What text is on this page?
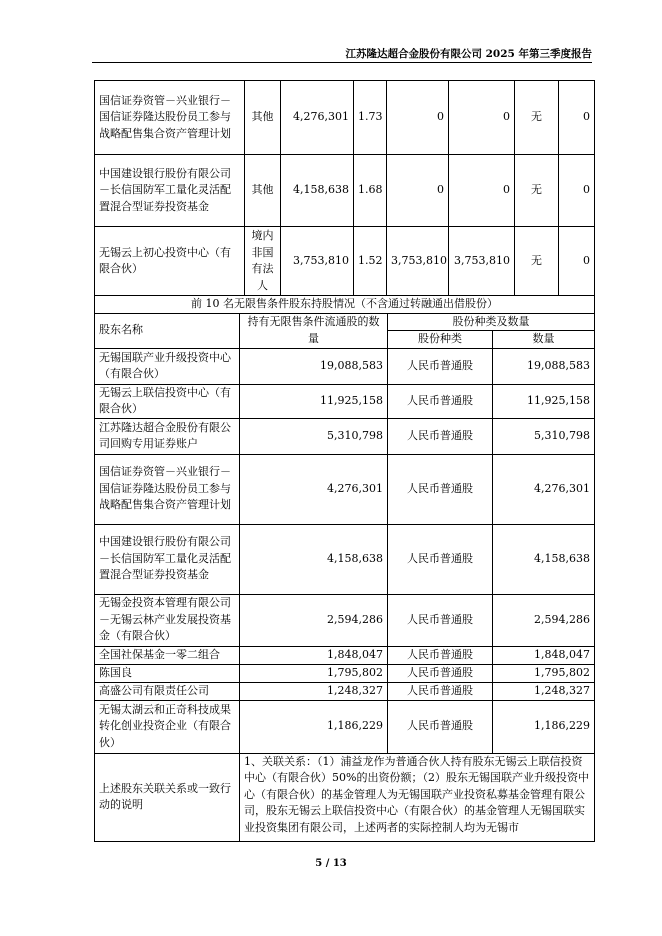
江苏隆达超合金股份有限公司 2025 年第三季度报告
国信证券资管－兴业银行－国信证券隆达股份员工参与战略配售集合资产管理计划	其他	4,276,301	1.73	0	0	无	0
中国建设银行股份有限公司－长信国防军工量化灵活配置混合型证券投资基金	其他	4,158,638	1.68	0	0	无	0
无锡云上初心投资中心（有限合伙）	境内非国有法人	3,753,810	1.52	3,753,810	3,753,810	无	0
前 10 名无限售条件股东持股情况（不含通过转融通出借股份）			
股东名称	持有无限售条件流通股的数量	股份种类及数量	
		股份种类	数量
无锡国联产业升级投资中心（有限合伙）	19,088,583	人民币普通股	19,088,583
无锡云上联信投资中心（有限合伙）	11,925,158	人民币普通股	11,925,158
江苏隆达超合金股份有限公司回购专用证券账户	5,310,798	人民币普通股	5,310,798
国信证券资管－兴业银行－国信证券隆达股份员工参与战略配售集合资产管理计划	4,276,301	人民币普通股	4,276,301
中国建设银行股份有限公司－长信国防军工量化灵活配置混合型证券投资基金	4,158,638	人民币普通股	4,158,638
无锡金投资本管理有限公司－无锡云林产业发展投资基金（有限合伙）	2,594,286	人民币普通股	2,594,286
全国社保基金一零二组合	1,848,047	人民币普通股	1,848,047
陈国良	1,795,802	人民币普通股	1,795,802
高盛公司有限责任公司	1,248,327	人民币普通股	1,248,327
无锡太湖云和正奇科技成果转化创业投资企业（有限合伙）	1,186,229	人民币普通股	1,186,229
上述股东关联关系或一致行动的说明	1、关联关系：（1）浦益龙作为普通合伙人持有股东无锡云上联信投资中心（有限合伙）50%的出资份额；（2）股东无锡国联产业升级投资中心（有限合伙）的基金管理人为无锡国联产业投资私募基金管理有限公司，股东无锡云上联信投资中心（有限合伙）的基金管理人无锡国联实业投资集团有限公司，上述两者的实际控制人均为无锡市		
5 / 13
